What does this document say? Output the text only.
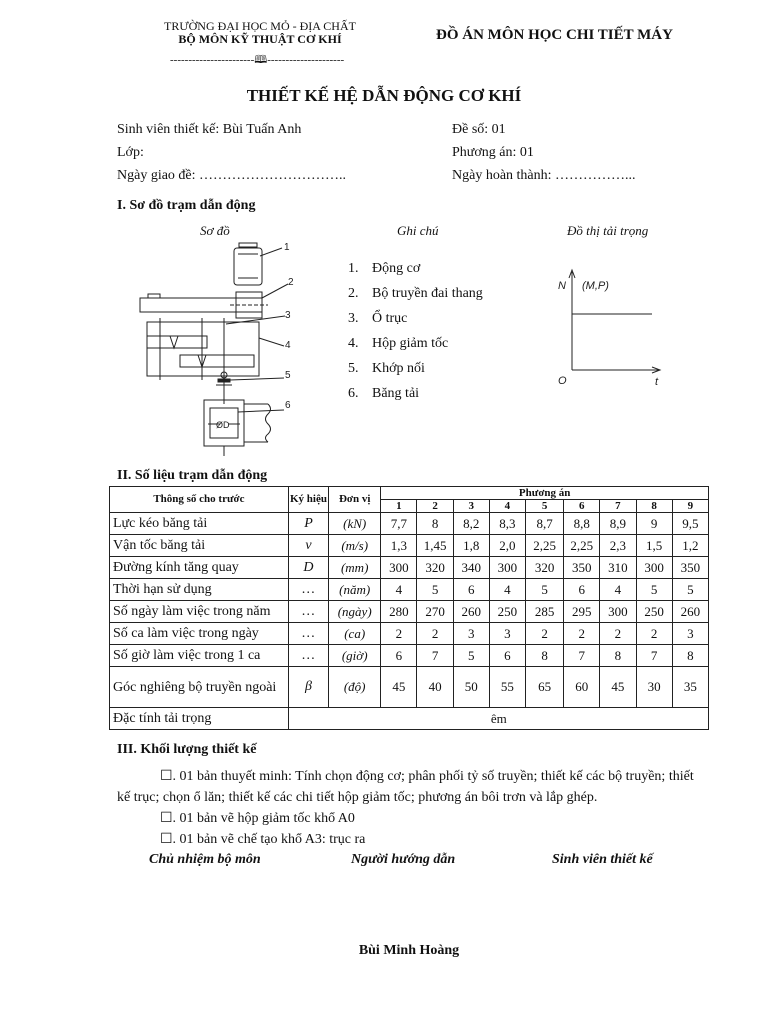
TRƯỜNG ĐẠI HỌC MỎ - ĐỊA CHẤT
BỘ MÔN KỸ THUẬT CƠ KHÍ	ĐỒ ÁN MÔN HỌC CHI TIẾT MÁY
-----------------------🕮---------------------
THIẾT KẾ HỆ DẪN ĐỘNG CƠ KHÍ
Sinh viên thiết kế: Bùi Tuấn Anh
Lớp:
Ngày giao đề: …………………………..
Đề số: 01
Phương án: 01
Ngày hoàn thành: ……………...
I. Sơ đồ trạm dẫn động
Sơ đồ	Ghi chú	Đồ thị tải trọng
1
2
3
4
5
6
ØD
1. Động cơ
2. Bộ truyền đai thang
3. Ổ trục
4. Hộp giảm tốc
5. Khớp nối
6. Băng tải
N (M,P)
O	t
II. Số liệu trạm dẫn động
Thông số cho trước	Ký hiệu	Đơn vị	Phương án								
			1	2	3	4	5	6	7	8	9
Lực kéo băng tải	P	(kN)	7,7	8	8,2	8,3	8,7	8,8	8,9	9	9,5
Vận tốc băng tải	v	(m/s)	1,3	1,45	1,8	2,0	2,25	2,25	2,3	1,5	1,2
Đường kính tăng quay	D	(mm)	300	320	340	300	320	350	310	300	350
Thời hạn sử dụng	…	(năm)	4	5	6	4	5	6	4	5	5
Số ngày làm việc trong năm	…	(ngày)	280	270	260	250	285	295	300	250	260
Số ca làm việc trong ngày	…	(ca)	2	2	3	3	2	2	2	2	3
Số giờ làm việc trong 1 ca	…	(giờ)	6	7	5	6	8	7	8	7	8
Góc nghiêng bộ truyền ngoài	β	(độ)	45	40	50	55	65	60	45	30	35
Đặc tính tải trọng			êm								
III. Khối lượng thiết kế
☐. 01 bản thuyết minh: Tính chọn động cơ; phân phối tỷ số truyền; thiết kế các bộ truyền; thiết
kế trục; chọn ổ lăn; thiết kế các chi tiết hộp giảm tốc; phương án bôi trơn và lắp ghép.
☐. 01 bản vẽ hộp giảm tốc khổ A0
☐. 01 bản vẽ chế tạo khổ A3: trục ra
Chủ nhiệm bộ môn	Người hướng dẫn	Sinh viên thiết kế
Bùi Minh Hoàng
